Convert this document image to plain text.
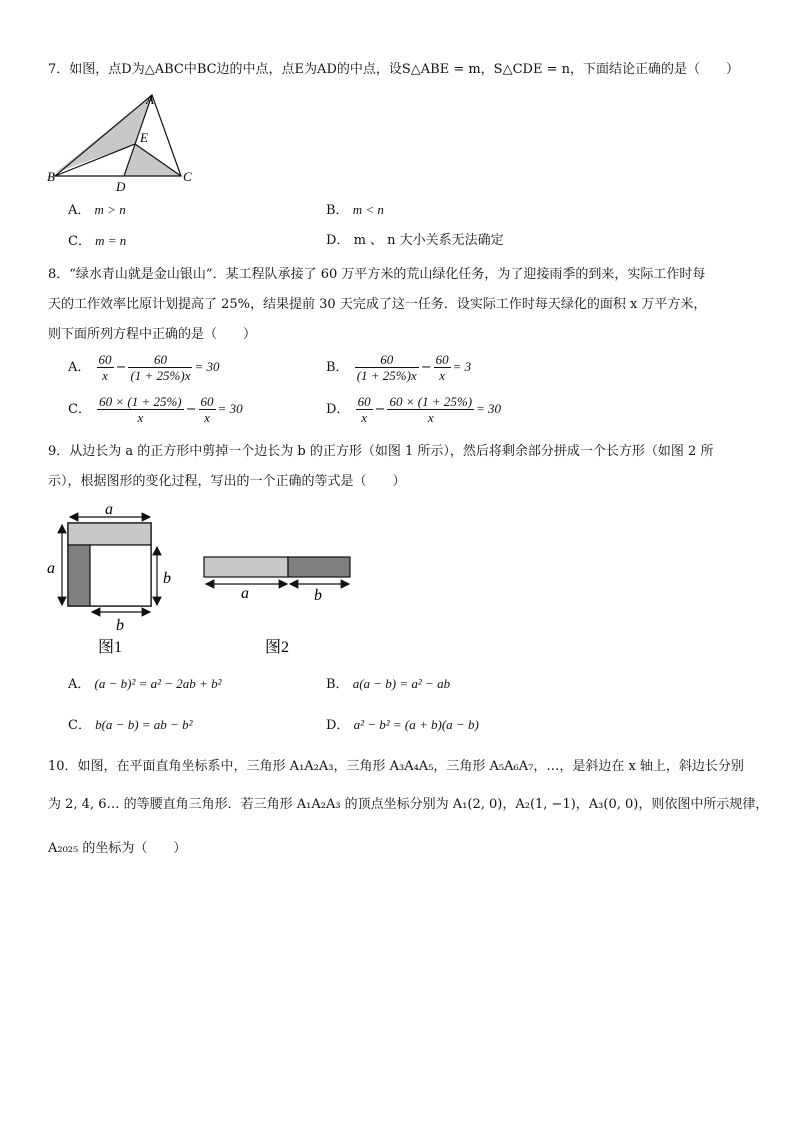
7．如图，点D为△ABC中BC边的中点，点E为AD的中点，设S△ABE = m，S△CDE = n，下面结论正确的是（　　）
A
E
B
D
C
A． m > n	B． m < n
C． m = n	D． m 、 n 大小关系无法确定
8．“绿水青山就是金山银山”．某工程队承接了 60 万平方米的荒山绿化任务，为了迎接雨季的到来，实际工作时每
天的工作效率比原计划提高了 25%，结果提前 30 天完成了这一任务．设实际工作时每天绿化的面积 x 万平方米，
则下面所列方程中正确的是（　　）
A． $\frac{60}{x} - \frac{60}{(1 + 25\%)x} = 30$	B． $\frac{60}{(1 + 25\%)x} - \frac{60}{x} = 3$
C． $\frac{60 \times (1 + 25\%)}{x} - \frac{60}{x} = 30$	D． $\frac{60}{x} - \frac{60 \times (1 + 25\%)}{x} = 30$
9．从边长为 a 的正方形中剪掉一个边长为 b 的正方形（如图 1 所示），然后将剩余部分拼成一个长方形（如图 2 所
示），根据图形的变化过程，写出的一个正确的等式是（　　）
a
a
b
b
图1
a	b
图2
A． (a − b)² = a² − 2ab + b²	B． a(a − b) = a² − ab
C． b(a − b) = ab − b²	D． a² − b² = (a + b)(a − b)
10．如图，在平面直角坐标系中，三角形 A₁A₂A₃，三角形 A₃A₄A₅，三角形 A₅A₆A₇，…，是斜边在 x 轴上，斜边长分别
为 2, 4, 6… 的等腰直角三角形．若三角形 A₁A₂A₃ 的顶点坐标分别为 A₁(2, 0)，A₂(1, −1)，A₃(0, 0)，则依图中所示规律，
A₂₀₂₅ 的坐标为（　　）
